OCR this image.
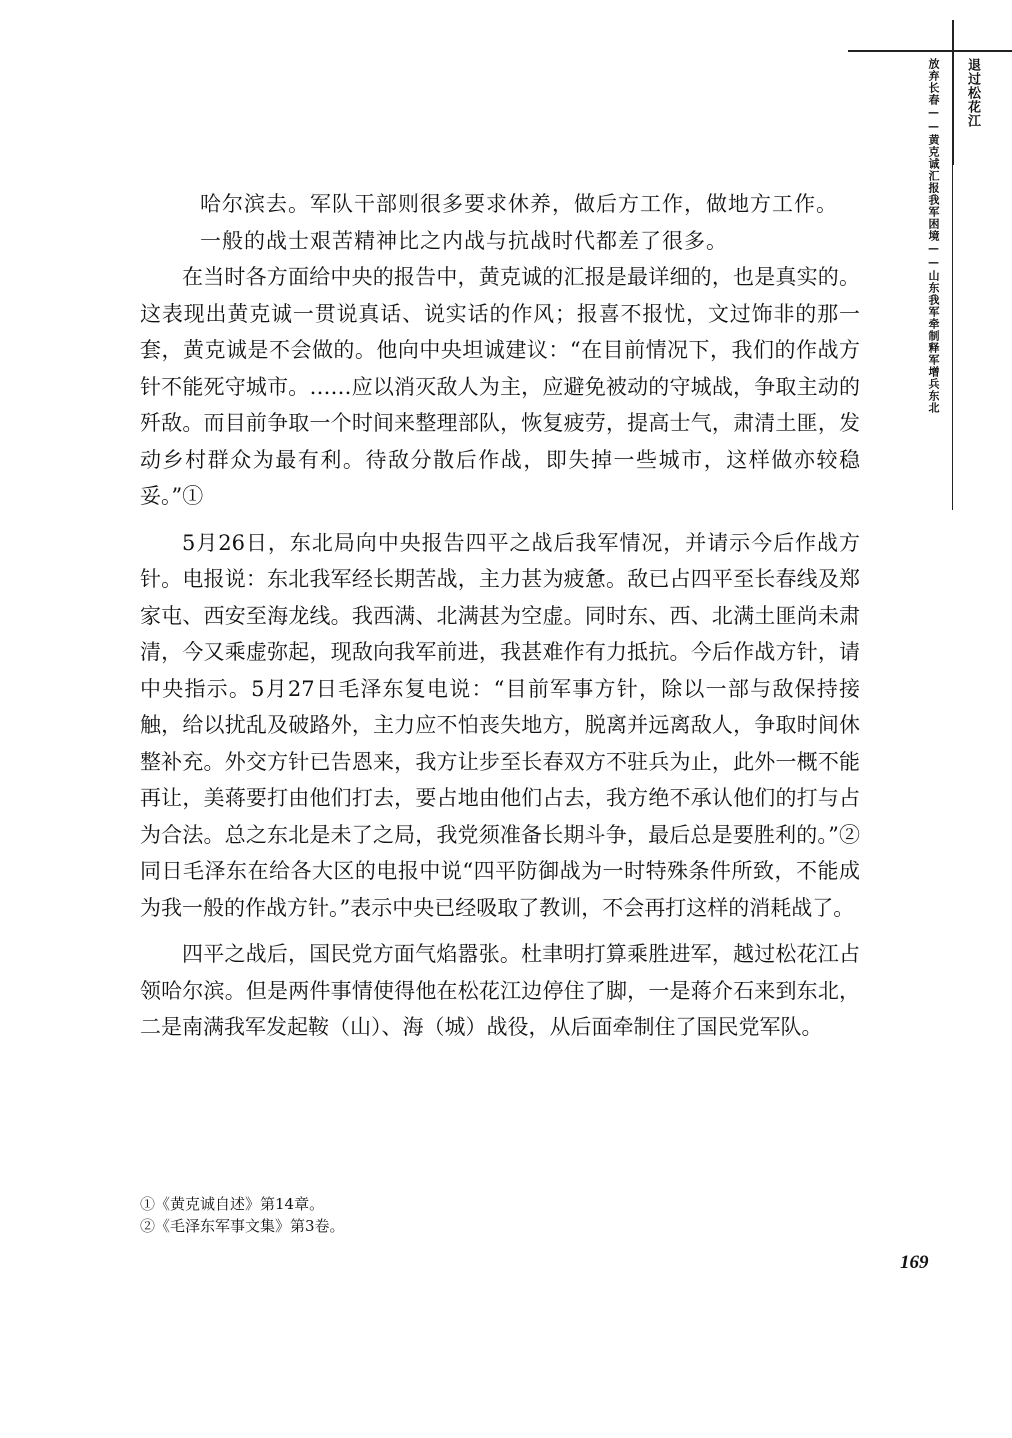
退过松花江
放弃长春——黄克诚汇报我军困境——山东我军牵制释军增兵东北

哈尔滨去。军队干部则很多要求休养，做后方工作，做地方工作。

一般的战士艰苦精神比之内战与抗战时代都差了很多。

在当时各方面给中央的报告中，黄克诚的汇报是最详细的，也是真实的。这表现出黄克诚一贯说真话、说实话的作风；报喜不报忧，文过饰非的那一套，黄克诚是不会做的。他向中央坦诚建议：“在目前情况下，我们的作战方针不能死守城市。……应以消灭敌人为主，应避免被动的守城战，争取主动的歼敌。而目前争取一个时间来整理部队，恢复疲劳，提高士气，肃清土匪，发动乡村群众为最有利。待敌分散后作战，即失掉一些城市，这样做亦较稳妥。”①

5月26日，东北局向中央报告四平之战后我军情况，并请示今后作战方针。电报说：东北我军经长期苦战，主力甚为疲惫。敌已占四平至长春线及郑家屯、西安至海龙线。我西满、北满甚为空虚。同时东、西、北满土匪尚未肃清，今又乘虚弥起，现敌向我军前进，我甚难作有力抵抗。今后作战方针，请中央指示。5月27日毛泽东复电说：“目前军事方针，除以一部与敌保持接触，给以扰乱及破路外，主力应不怕丧失地方，脱离并远离敌人，争取时间休整补充。外交方针已告恩来，我方让步至长春双方不驻兵为止，此外一概不能再让，美蒋要打由他们打去，要占地由他们占去，我方绝不承认他们的打与占为合法。总之东北是未了之局，我党须准备长期斗争，最后总是要胜利的。”②同日毛泽东在给各大区的电报中说“四平防御战为一时特殊条件所致，不能成为我一般的作战方针。”表示中央已经吸取了教训，不会再打这样的消耗战了。

四平之战后，国民党方面气焰嚣张。杜聿明打算乘胜进军，越过松花江占领哈尔滨。但是两件事情使得他在松花江边停住了脚，一是蒋介石来到东北，二是南满我军发起鞍（山）、海（城）战役，从后面牵制住了国民党军队。

①《黄克诚自述》第14章。
②《毛泽东军事文集》第3卷。
169
